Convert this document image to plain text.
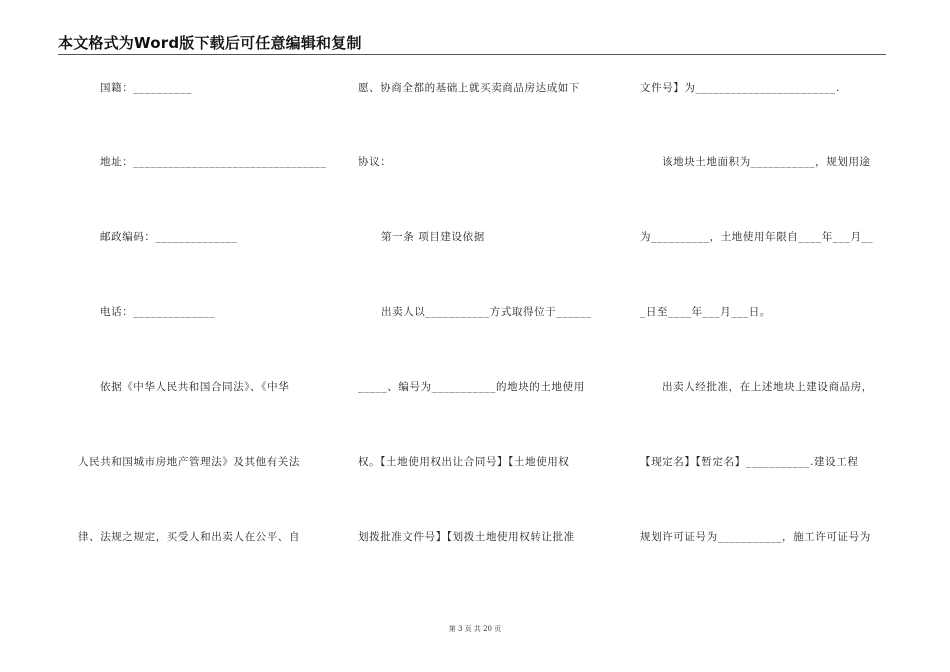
本文格式为Word版下载后可任意编辑和复制
国籍：__________
地址：_________________________________
邮政编码：______________
电话：______________
依据《中华人民共和国合同法》、《中华
人民共和国城市房地产管理法》及其他有关法
律、法规之规定，买受人和出卖人在公平、自
愿、协商全都的基础上就买卖商品房达成如下
协议：
第一条 项目建设依据
出卖人以___________方式取得位于______
_____、编号为___________的地块的土地使用
权。【土地使用权出让合同号】【土地使用权
划拨批准文件号】【划拨土地使用权转让批准
文件号】为________________________.
该地块土地面积为___________，规划用途
为__________，土地使用年限自____年___月__
_日至____年___月___日。
出卖人经批准，在上述地块上建设商品房，
【现定名】【暂定名】___________.建设工程
规划许可证号为___________，施工许可证号为
第 3 页 共 20 页
